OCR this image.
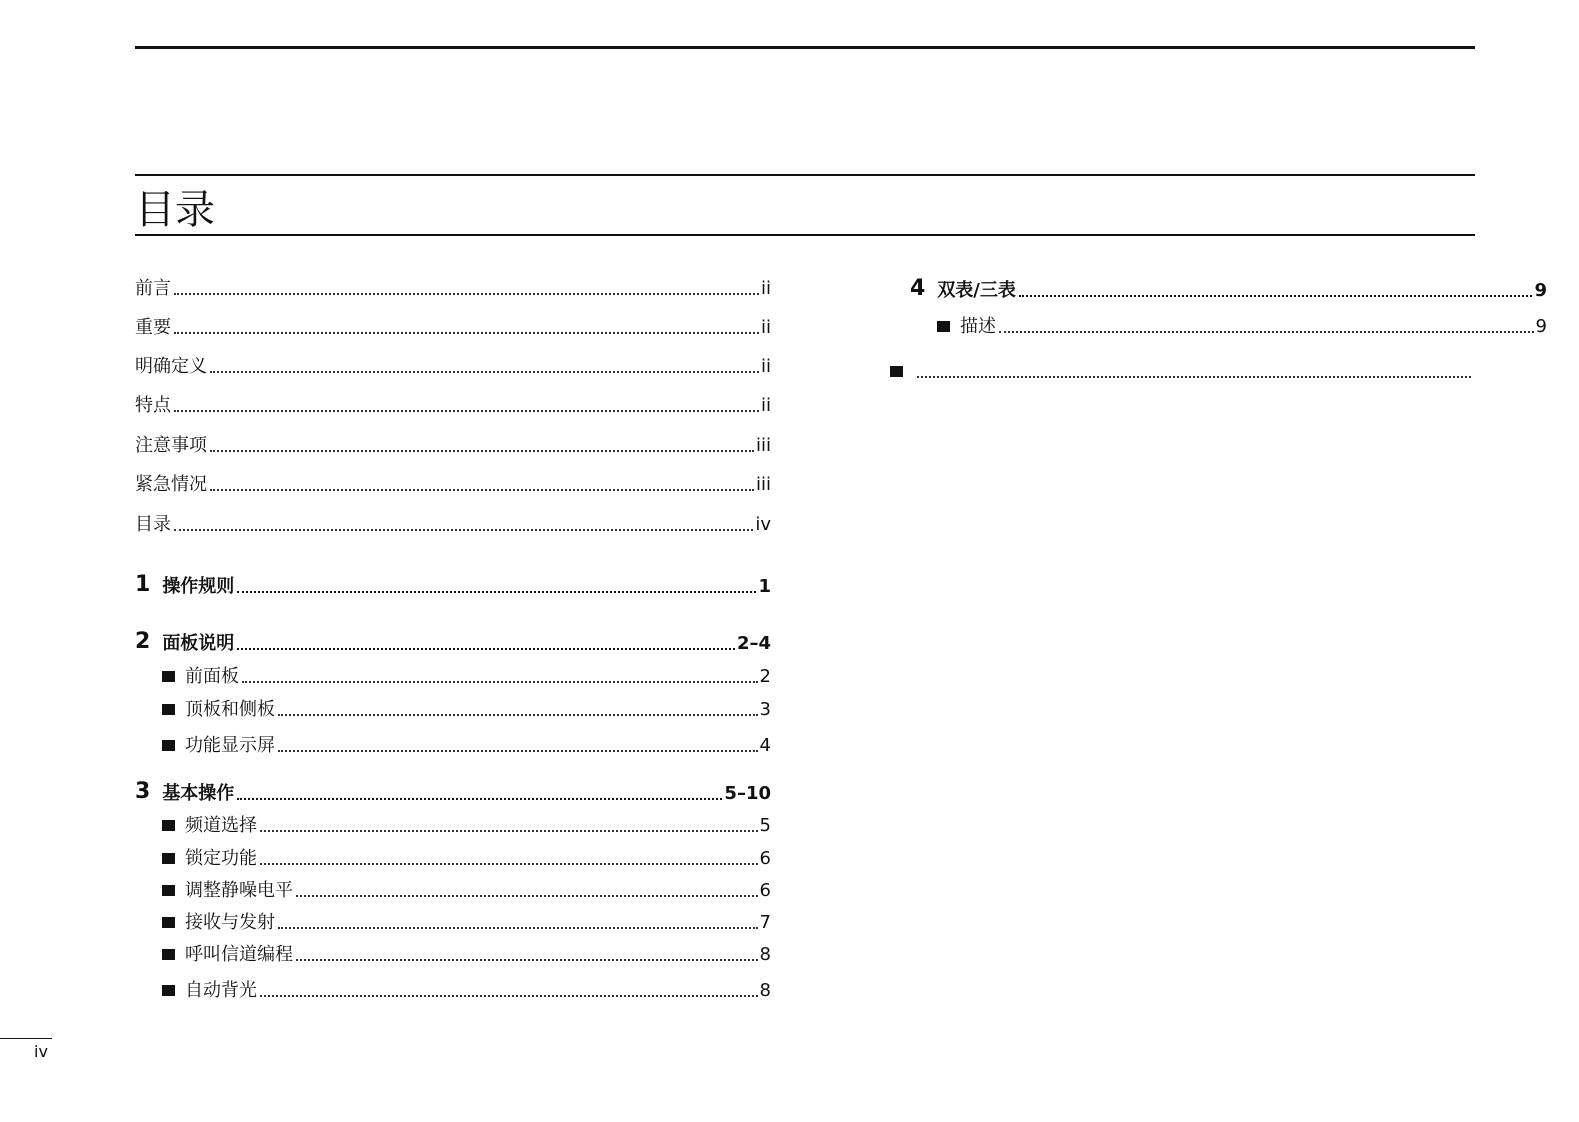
目录
前言	ii
重要	ii
明确定义	ii
特点	ii
注意事项	iii
紧急情况	iii
目录	iv
1 操作规则	1
2 面板说明	2–4
前面板	2
顶板和侧板	3
功能显示屏	4
3 基本操作	5–10
频道选择	5
锁定功能	6
调整静噪电平	6
接收与发射	7
呼叫信道编程	8
自动背光	8
4 双表/三表	9
描述	9
iv
